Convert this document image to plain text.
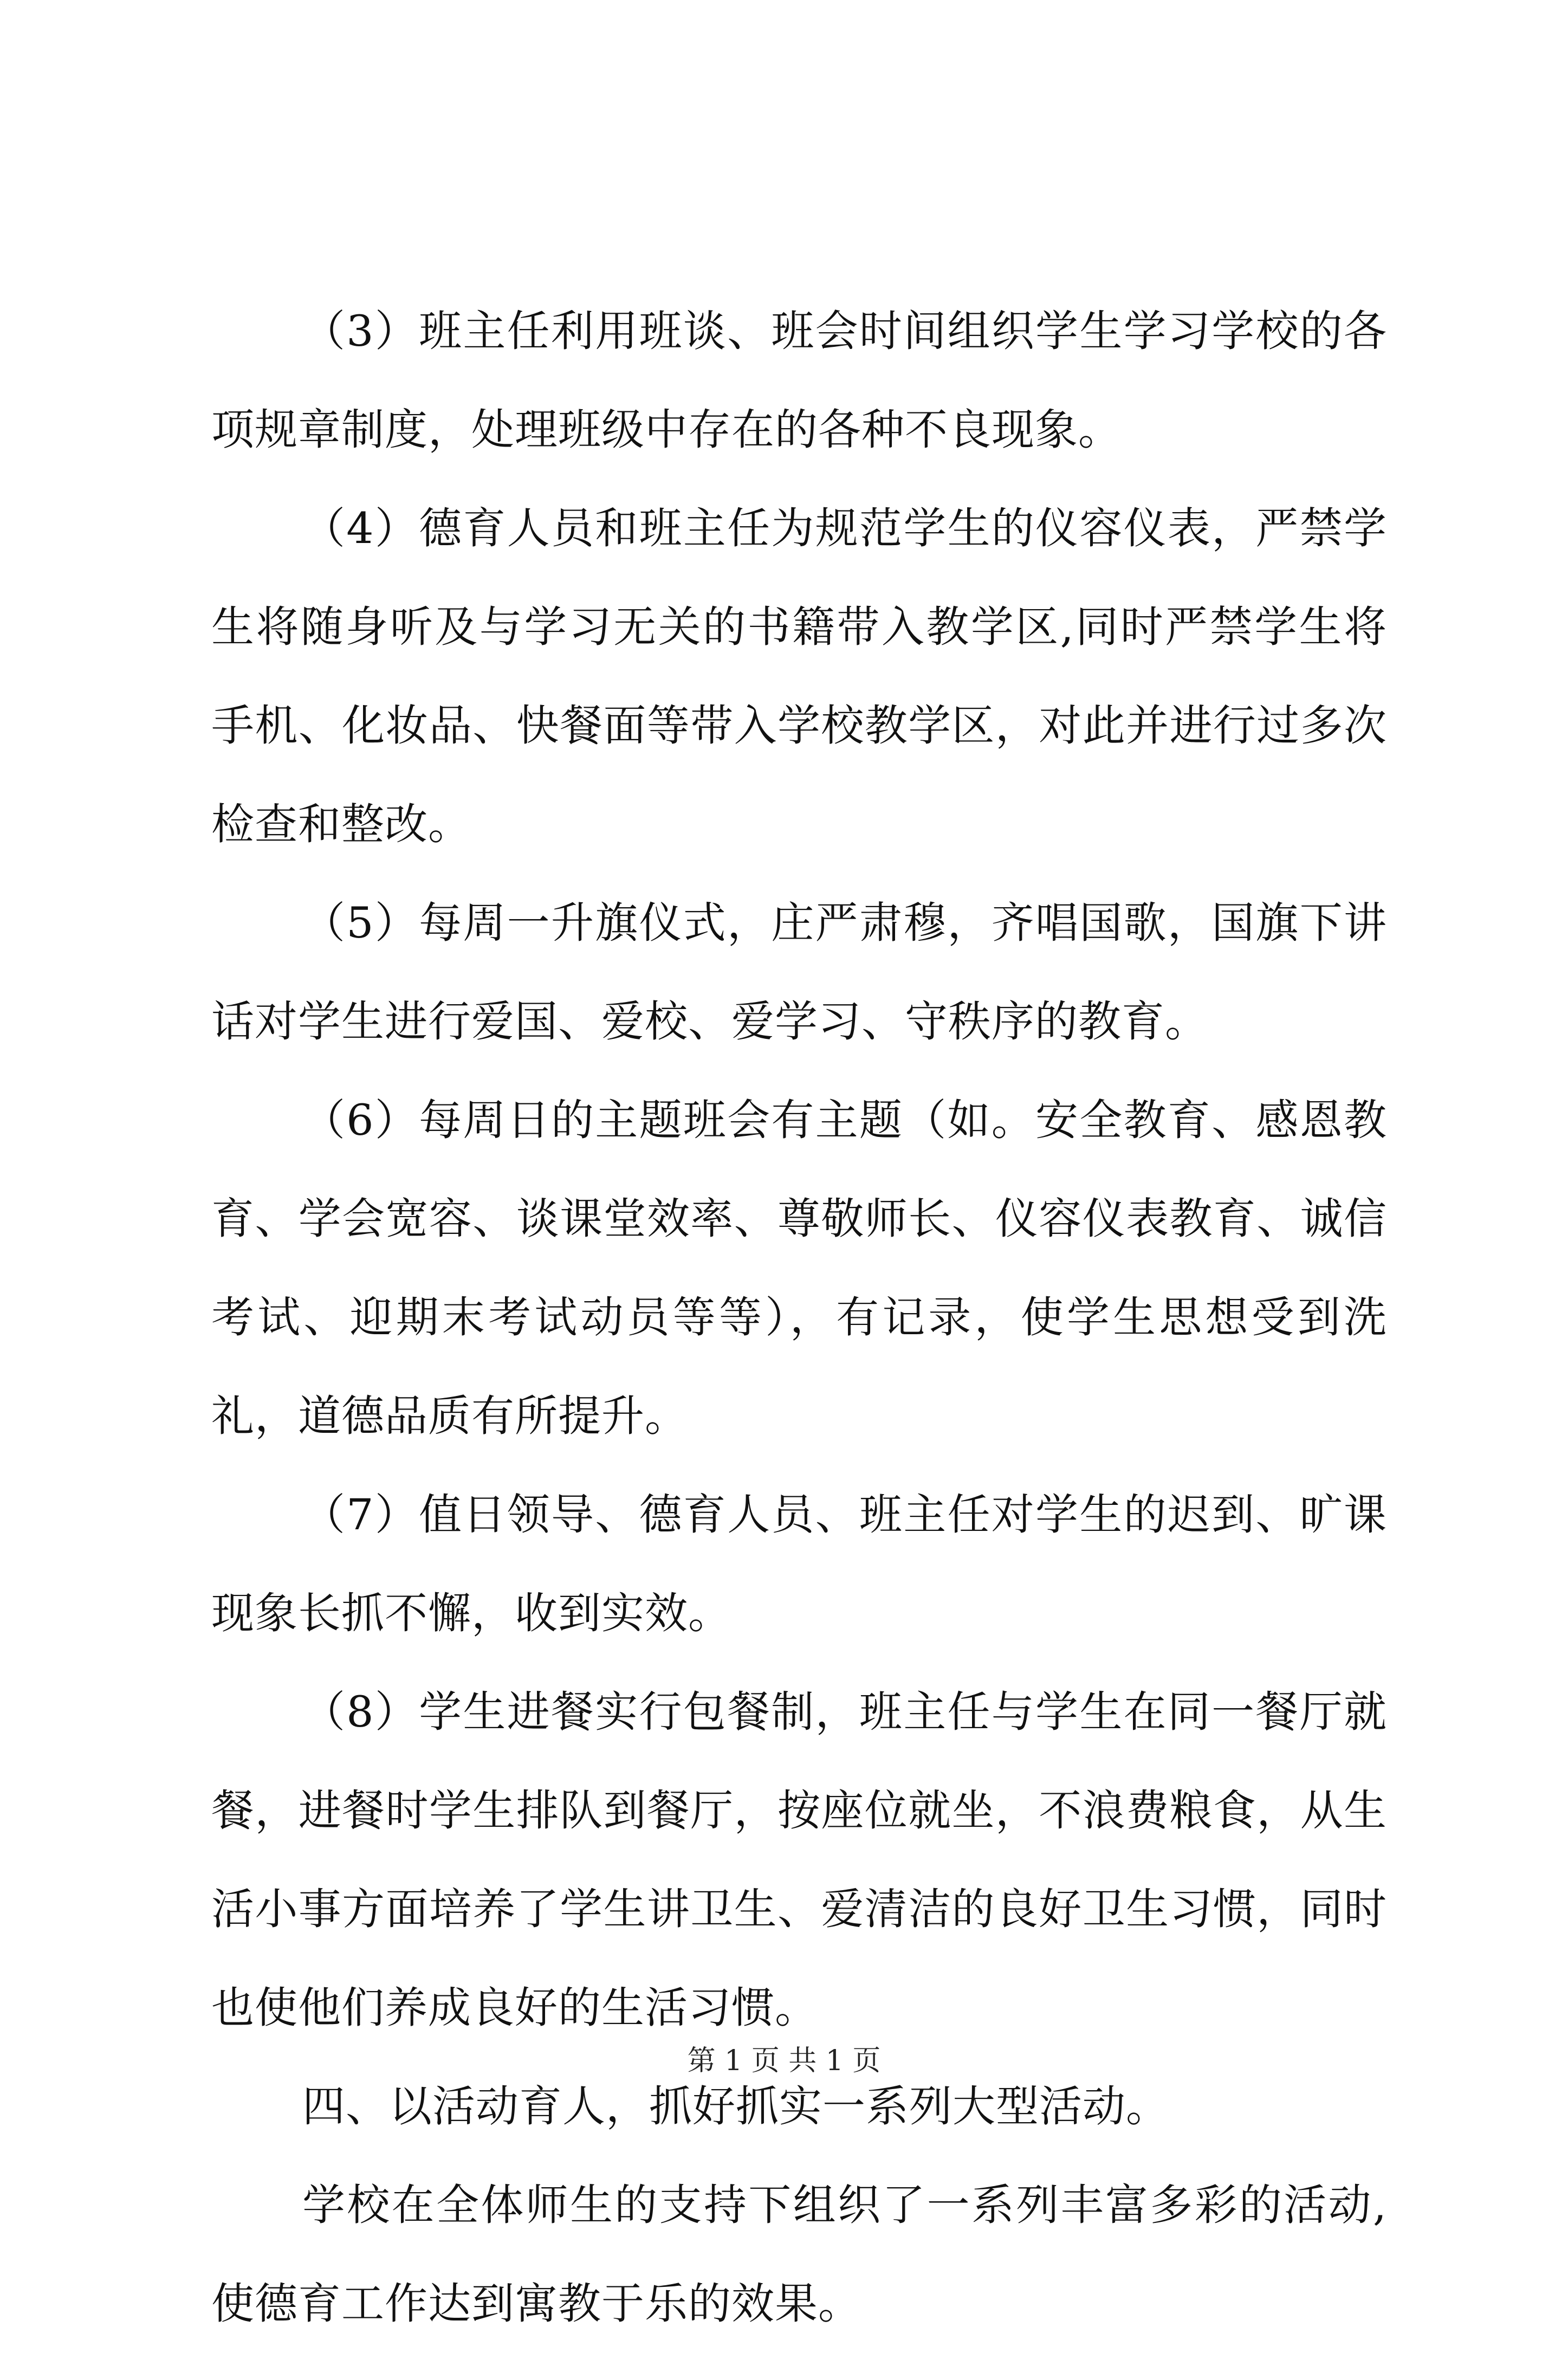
（3）班主任利用班谈、班会时间组织学生学习学校的各项规章制度，处理班级中存在的各种不良现象。

（4）德育人员和班主任为规范学生的仪容仪表，严禁学生将随身听及与学习无关的书籍带入教学区,同时严禁学生将手机、化妆品、快餐面等带入学校教学区，对此并进行过多次检查和整改。

（5）每周一升旗仪式，庄严肃穆，齐唱国歌，国旗下讲话对学生进行爱国、爱校、爱学习、守秩序的教育。

（6）每周日的主题班会有主题（如。安全教育、感恩教育、学会宽容、谈课堂效率、尊敬师长、仪容仪表教育、诚信考试、迎期末考试动员等等），有记录，使学生思想受到洗礼，道德品质有所提升。

（7）值日领导、德育人员、班主任对学生的迟到、旷课现象长抓不懈，收到实效。

（8）学生进餐实行包餐制，班主任与学生在同一餐厅就餐，进餐时学生排队到餐厅，按座位就坐，不浪费粮食，从生活小事方面培养了学生讲卫生、爱清洁的良好卫生习惯，同时也使他们养成良好的生活习惯。

四、以活动育人，抓好抓实一系列大型活动。

学校在全体师生的支持下组织了一系列丰富多彩的活动,使德育工作达到寓教于乐的效果。

第 1 页 共 1 页
